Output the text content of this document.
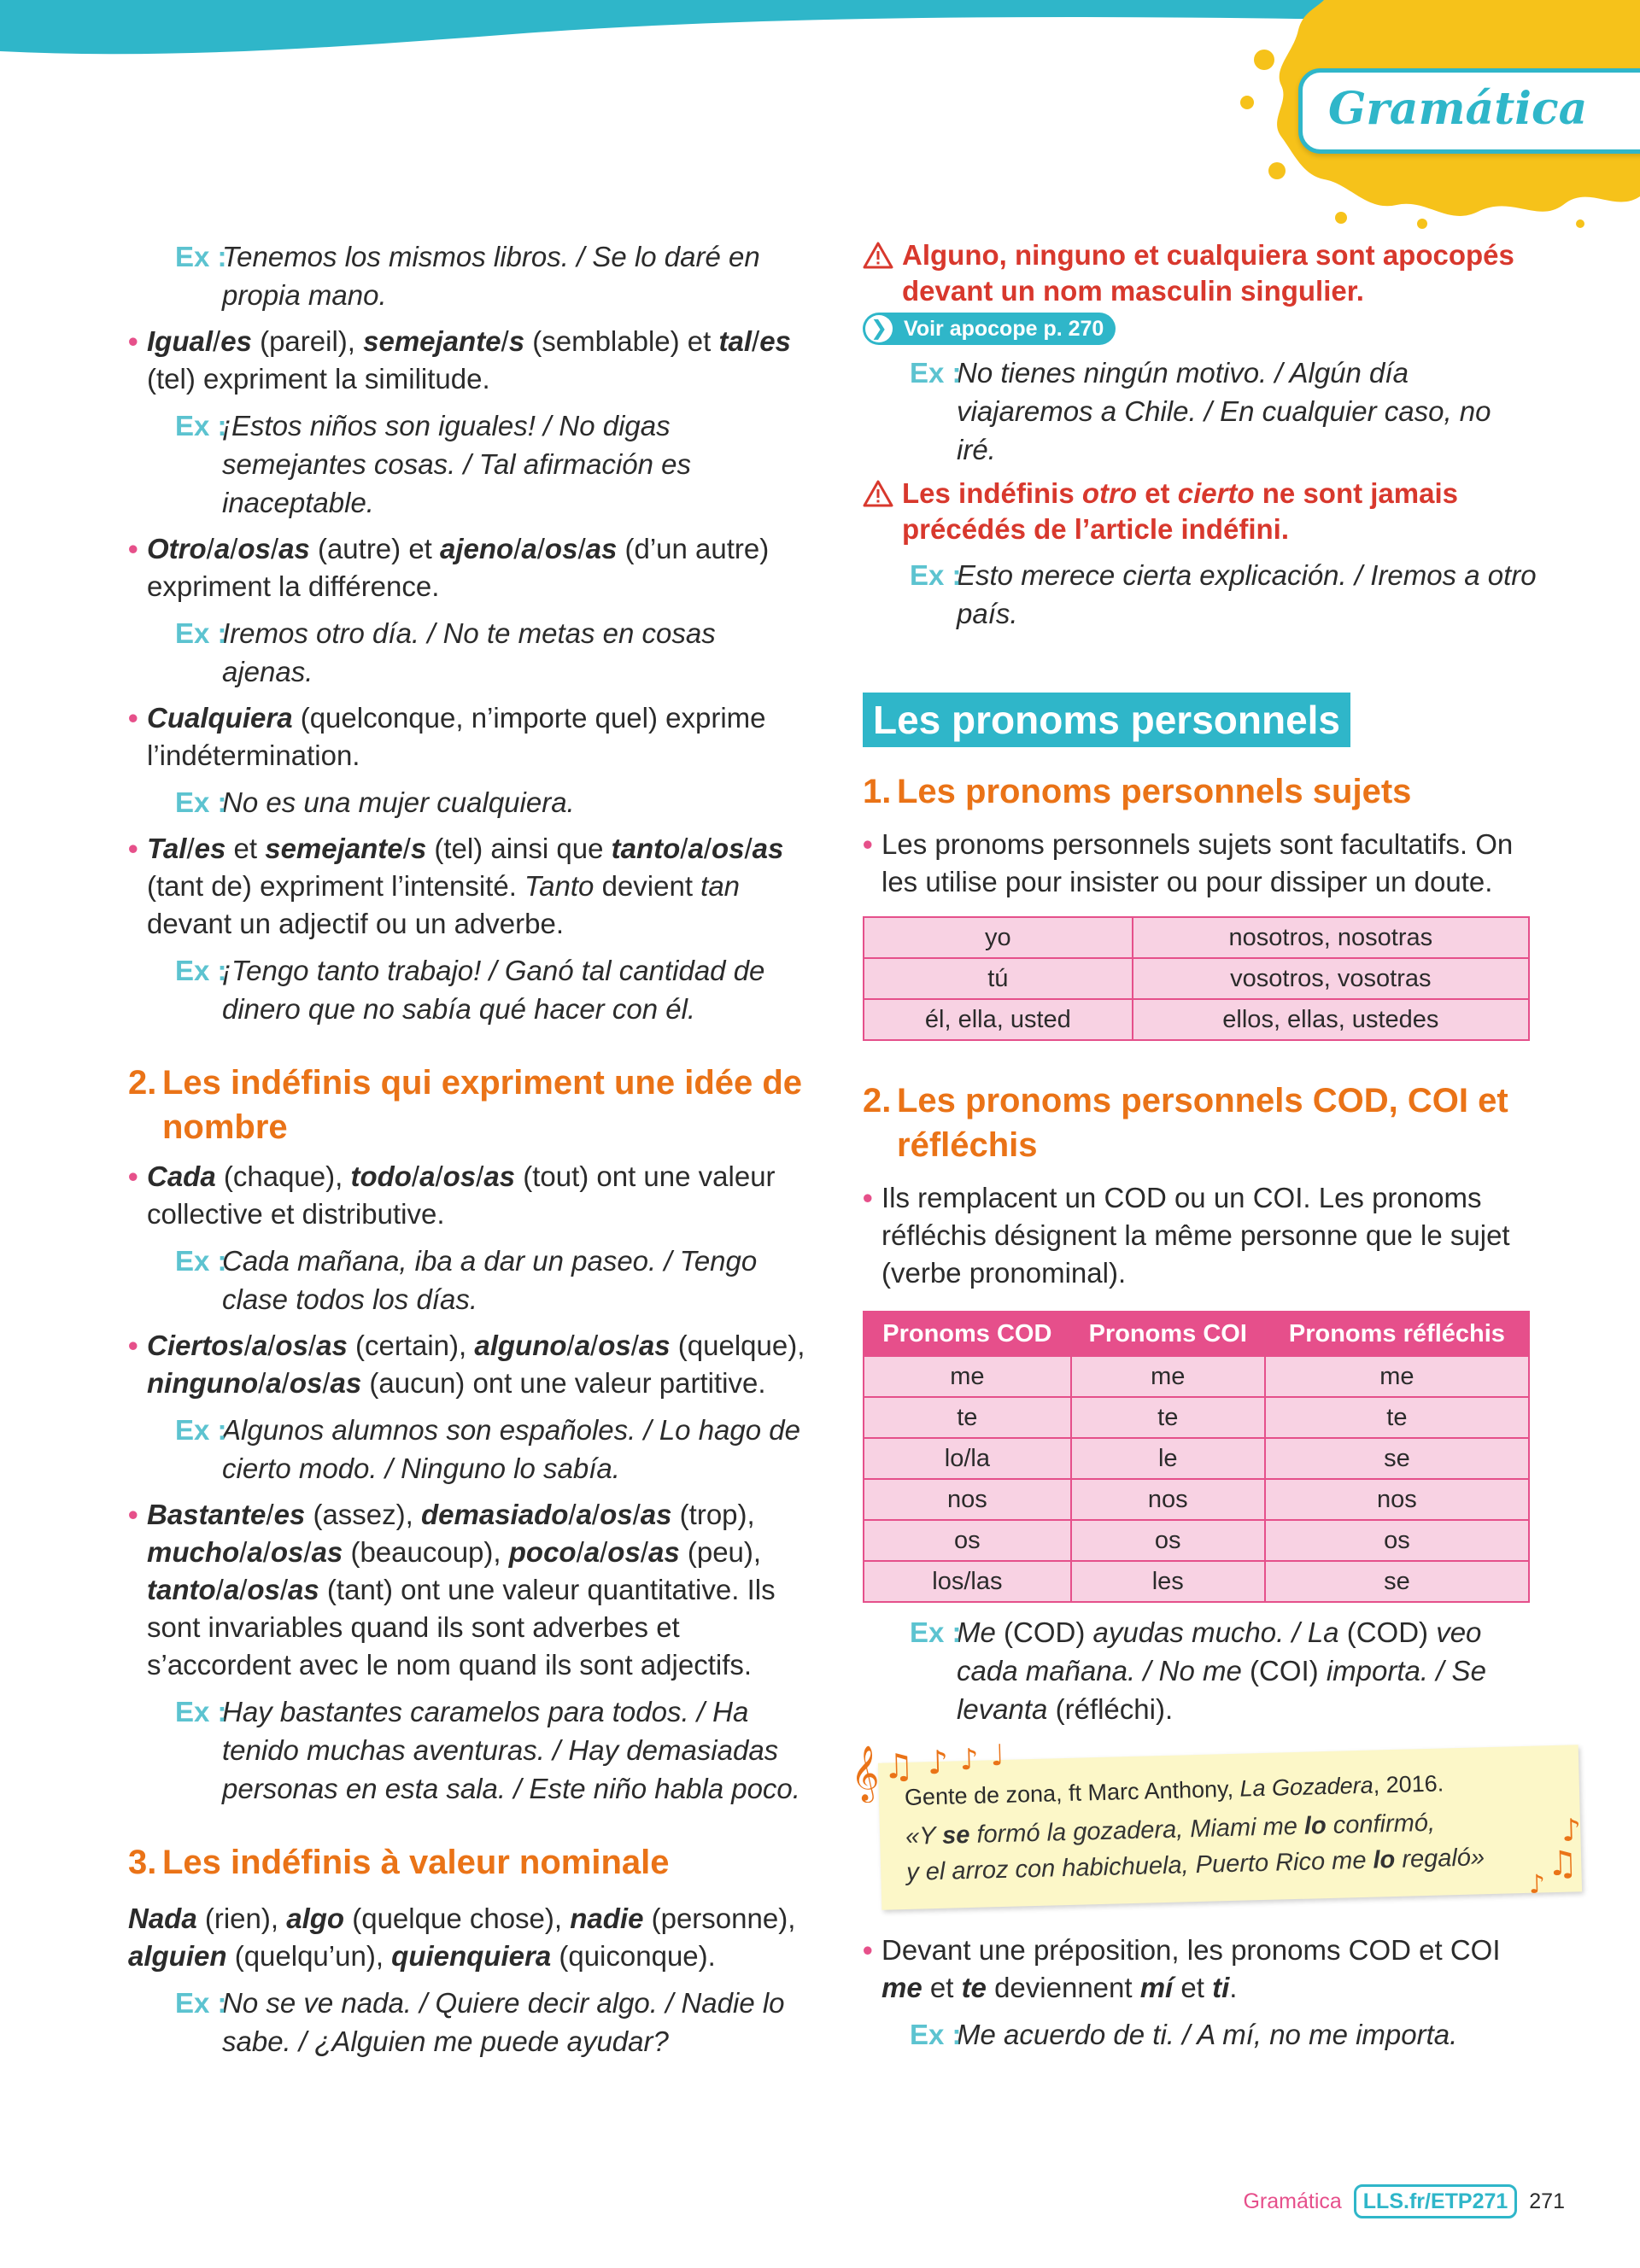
Gramática

Ex :
Tenemos los mismos libros. / Se lo daré en propia mano.

• Igual/es (pareil), semejante/s (semblable) et tal/es (tel) expriment la similitude.

Ex :
¡Estos niños son iguales! / No digas semejantes cosas. / Tal afirmación es inaceptable.

• Otro/a/os/as (autre) et ajeno/a/os/as (d’un autre) expriment la différence.

Ex :
Iremos otro día. / No te metas en cosas ajenas.

• Cualquiera (quelconque, n’importe quel) exprime l’indétermination.

Ex :
No es una mujer cualquiera.

• Tal/es et semejante/s (tel) ainsi que tanto/a/os/as (tant de) expriment l’intensité. Tanto devient tan devant un adjectif ou un adverbe.

Ex :
¡Tengo tanto trabajo! / Ganó tal cantidad de dinero que no sabía qué hacer con él.

2. Les indéfinis qui expriment une idée de nombre

• Cada (chaque), todo/a/os/as (tout) ont une valeur collective et distributive.

Ex :
Cada mañana, iba a dar un paseo. / Tengo clase todos los días.

• Ciertos/a/os/as (certain), alguno/a/os/as (quelque), ninguno/a/os/as (aucun) ont une valeur partitive.

Ex :
Algunos alumnos son españoles. / Lo hago de cierto modo. / Ninguno lo sabía.

• Bastante/es (assez), demasiado/a/os/as (trop), mucho/a/os/as (beaucoup), poco/a/os/as (peu), tanto/a/os/as (tant) ont une valeur quantitative. Ils sont invariables quand ils sont adverbes et s’accordent avec le nom quand ils sont adjectifs.

Ex :
Hay bastantes caramelos para todos. / Ha tenido muchas aventuras. / Hay demasiadas personas en esta sala. / Este niño habla poco.

3. Les indéfinis à valeur nominale

Nada (rien), algo (quelque chose), nadie (personne), alguien (quelqu’un), quienquiera (quiconque).

Ex :
No se ve nada. / Quiere decir algo. / Nadie lo sabe. / ¿Alguien me puede ayudar?

Alguno, ninguno et cualquiera sont apocopés devant un nom masculin singulier.

❯ Voir apocope p. 270

Ex :
No tienes ningún motivo. / Algún día viajaremos a Chile. / En cualquier caso, no iré.

Les indéfinis otro et cierto ne sont jamais précédés de l’article indéfini.

Ex :
Esto merece cierta explicación. / Iremos a otro país.

Les pronoms personnels

1. Les pronoms personnels sujets

• Les pronoms personnels sujets sont facultatifs. On les utilise pour insister ou pour dissiper un doute.

yo	nosotros, nosotras
tú	vosotros, vosotras
él, ella, usted	ellos, ellas, ustedes

2. Les pronoms personnels COD, COI et réfléchis

• Ils remplacent un COD ou un COI. Les pronoms réfléchis désignent la même personne que le sujet (verbe pronominal).

Pronoms COD	Pronoms COI	Pronoms réfléchis
me	me	me
te	te	te
lo/la	le	se
nos	nos	nos
os	os	os
los/las	les	se

Ex :
Me (COD) ayudas mucho. / La (COD) veo cada mañana. / No me (COI) importa. / Se levanta (réfléchi).

𝄞 ♫ ♪ ♪ ♩

Gente de zona, ft Marc Anthony, La Gozadera, 2016.

«Y se formó la gozadera, Miami me lo confirmó,

y el arroz con habichuela, Puerto Rico me lo regaló»

♪
♫
♪

• Devant une préposition, les pronoms COD et COI me et te deviennent mí et ti.

Ex :
Me acuerdo de ti. / A mí, no me importa.

Gramática	LLS.fr/ETP271	271
